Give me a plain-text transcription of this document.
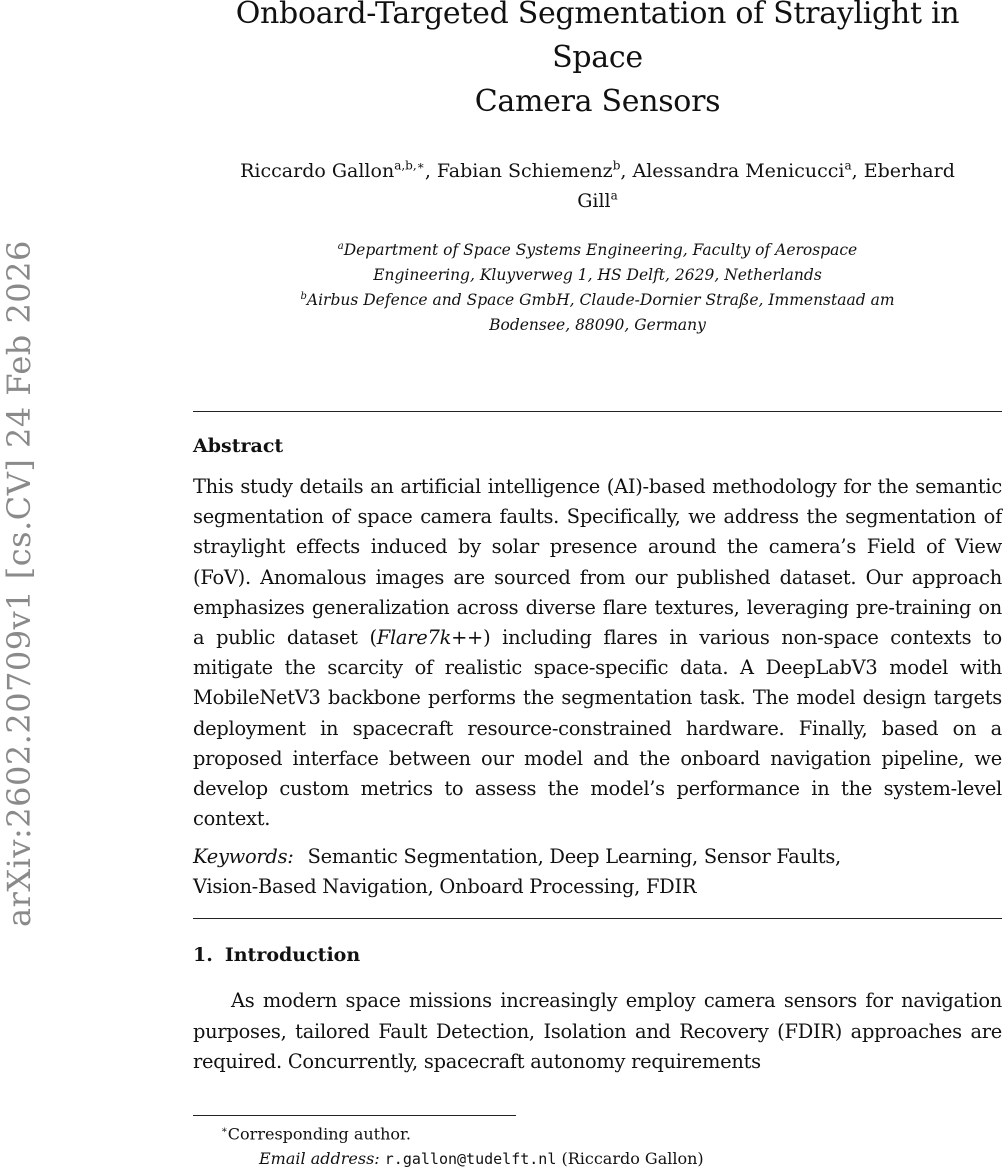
arXiv:2602.20709v1 [cs.CV] 24 Feb 2026
Onboard-Targeted Segmentation of Straylight in Space
Camera Sensors
Riccardo Gallon$^{a,b,∗}$, Fabian Schiemenz$^b$, Alessandra Menicucci$^a$, Eberhard
Gill$^a$
$^a$Department of Space Systems Engineering, Faculty of Aerospace
Engineering, Kluyverweg 1, HS Delft, 2629, Netherlands
$^b$Airbus Defence and Space GmbH, Claude-Dornier Straße, Immenstaad am
Bodensee, 88090, Germany
Abstract
This study details an artificial intelligence (AI)-based methodology for the semantic segmentation of space camera faults. Specifically, we address the segmentation of straylight effects induced by solar presence around the camera’s Field of View (FoV). Anomalous images are sourced from our published dataset. Our approach emphasizes generalization across diverse flare textures, leveraging pre-training on a public dataset (Flare7k++) including flares in various non-space contexts to mitigate the scarcity of realistic space-specific data. A DeepLabV3 model with MobileNetV3 backbone performs the segmentation task. The model design targets deployment in spacecraft resource-constrained hardware. Finally, based on a proposed interface between our model and the onboard navigation pipeline, we develop custom metrics to assess the model’s performance in the system-level context.
Keywords: Semantic Segmentation, Deep Learning, Sensor Faults,
Vision-Based Navigation, Onboard Processing, FDIR
1. Introduction
As modern space missions increasingly employ camera sensors for navigation purposes, tailored Fault Detection, Isolation and Recovery (FDIR) approaches are required. Concurrently, spacecraft autonomy requirements
∗Corresponding author.
Email address: r.gallon@tudelft.nl (Riccardo Gallon)
